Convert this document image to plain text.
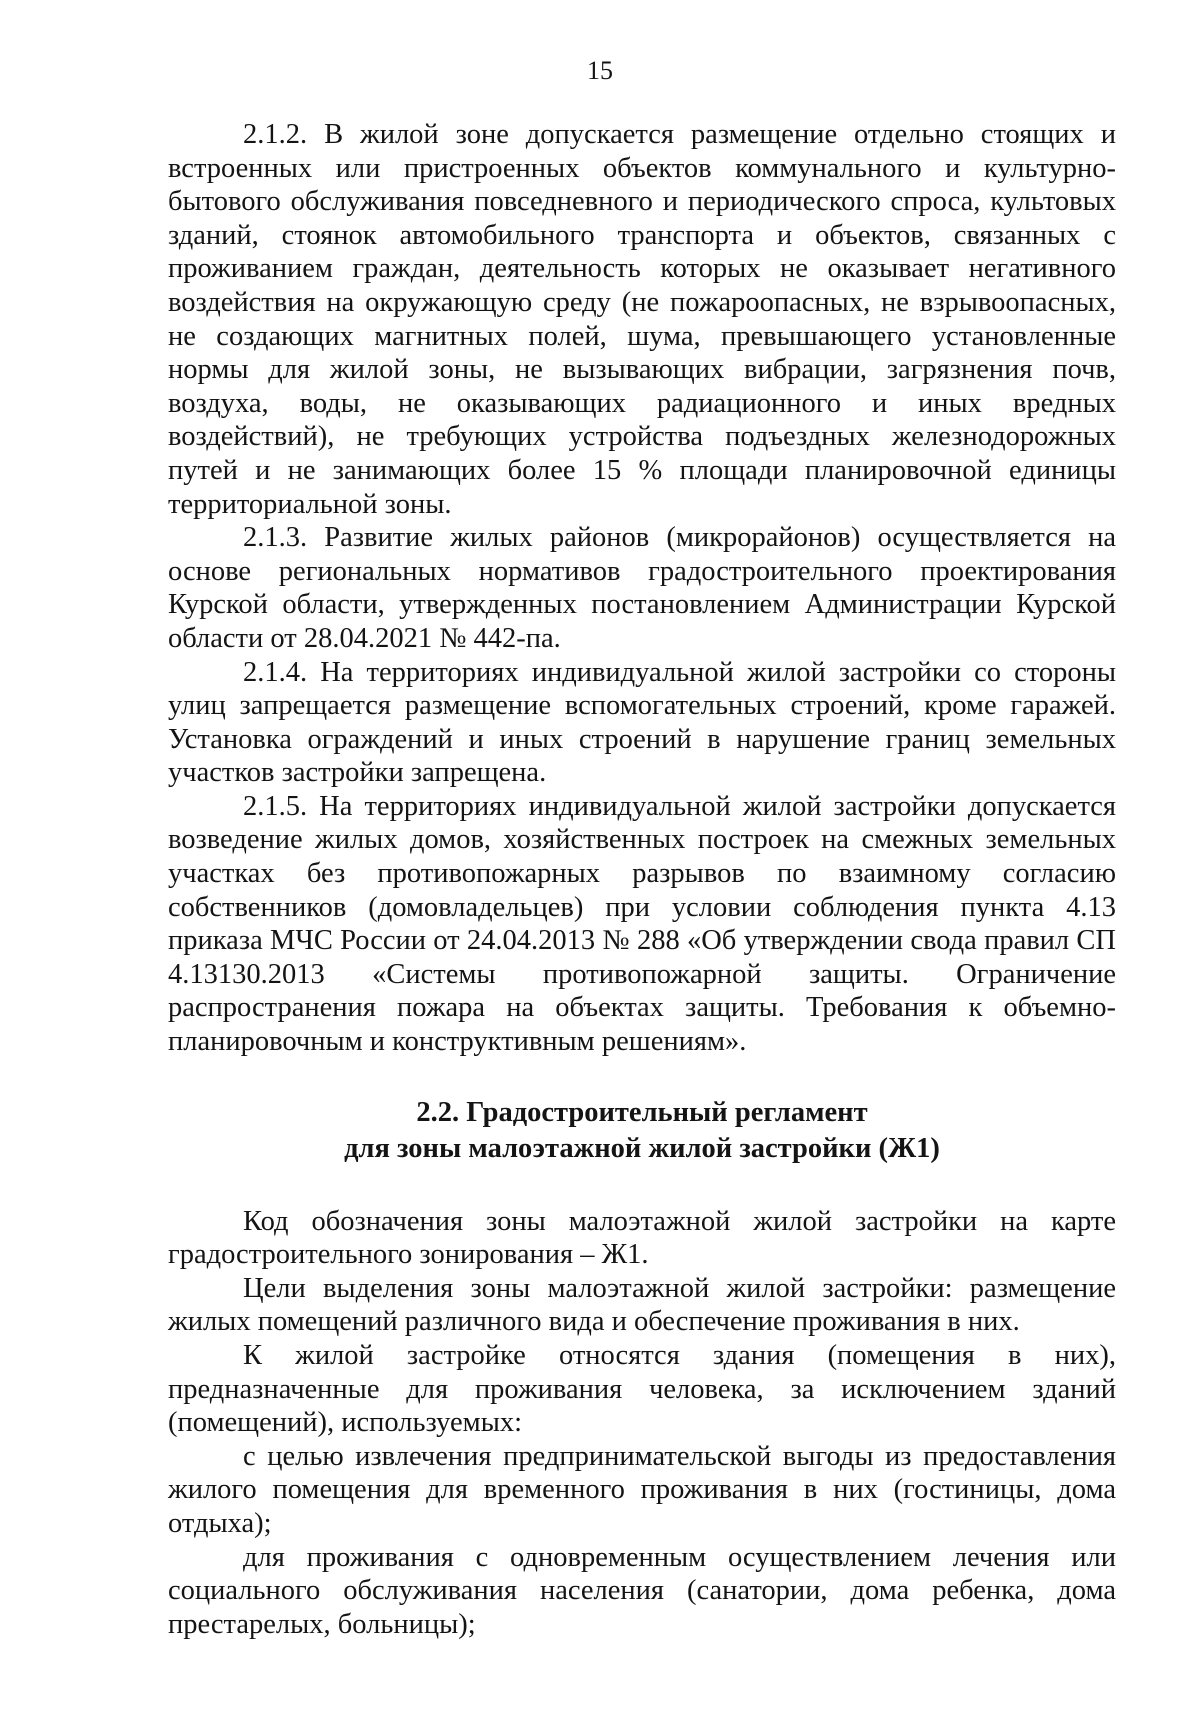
15

2.1.2. В жилой зоне допускается размещение отдельно стоящих и встроенных или пристроенных объектов коммунального и культурно-бытового обслуживания повседневного и периодического спроса, культовых зданий, стоянок автомобильного транспорта и объектов, связанных с проживанием граждан, деятельность которых не оказывает негативного воздействия на окружающую среду (не пожароопасных, не взрывоопасных, не создающих магнитных полей, шума, превышающего установленные нормы для жилой зоны, не вызывающих вибрации, загрязнения почв, воздуха, воды, не оказывающих радиационного и иных вредных воздействий), не требующих устройства подъездных железнодорожных путей и не занимающих более 15 % площади планировочной единицы территориальной зоны.

2.1.3. Развитие жилых районов (микрорайонов) осуществляется на основе региональных нормативов градостроительного проектирования Курской области, утвержденных постановлением Администрации Курской области от 28.04.2021 № 442-па.

2.1.4. На территориях индивидуальной жилой застройки со стороны улиц запрещается размещение вспомогательных строений, кроме гаражей. Установка ограждений и иных строений в нарушение границ земельных участков застройки запрещена.

2.1.5. На территориях индивидуальной жилой застройки допускается возведение жилых домов, хозяйственных построек на смежных земельных участках без противопожарных разрывов по взаимному согласию собственников (домовладельцев) при условии соблюдения пункта 4.13 приказа МЧС России от 24.04.2013 № 288 «Об утверждении свода правил СП 4.13130.2013 «Системы противопожарной защиты. Ограничение распространения пожара на объектах защиты. Требования к объемно-планировочным и конструктивным решениям».

2.2. Градостроительный регламент
для зоны малоэтажной жилой застройки (Ж1)

Код обозначения зоны малоэтажной жилой застройки на карте градостроительного зонирования – Ж1.

Цели выделения зоны малоэтажной жилой застройки: размещение жилых помещений различного вида и обеспечение проживания в них.

К жилой застройке относятся здания (помещения в них), предназначенные для проживания человека, за исключением зданий (помещений), используемых:

с целью извлечения предпринимательской выгоды из предоставления жилого помещения для временного проживания в них (гостиницы, дома отдыха);

для проживания с одновременным осуществлением лечения или социального обслуживания населения (санатории, дома ребенка, дома престарелых, больницы);
